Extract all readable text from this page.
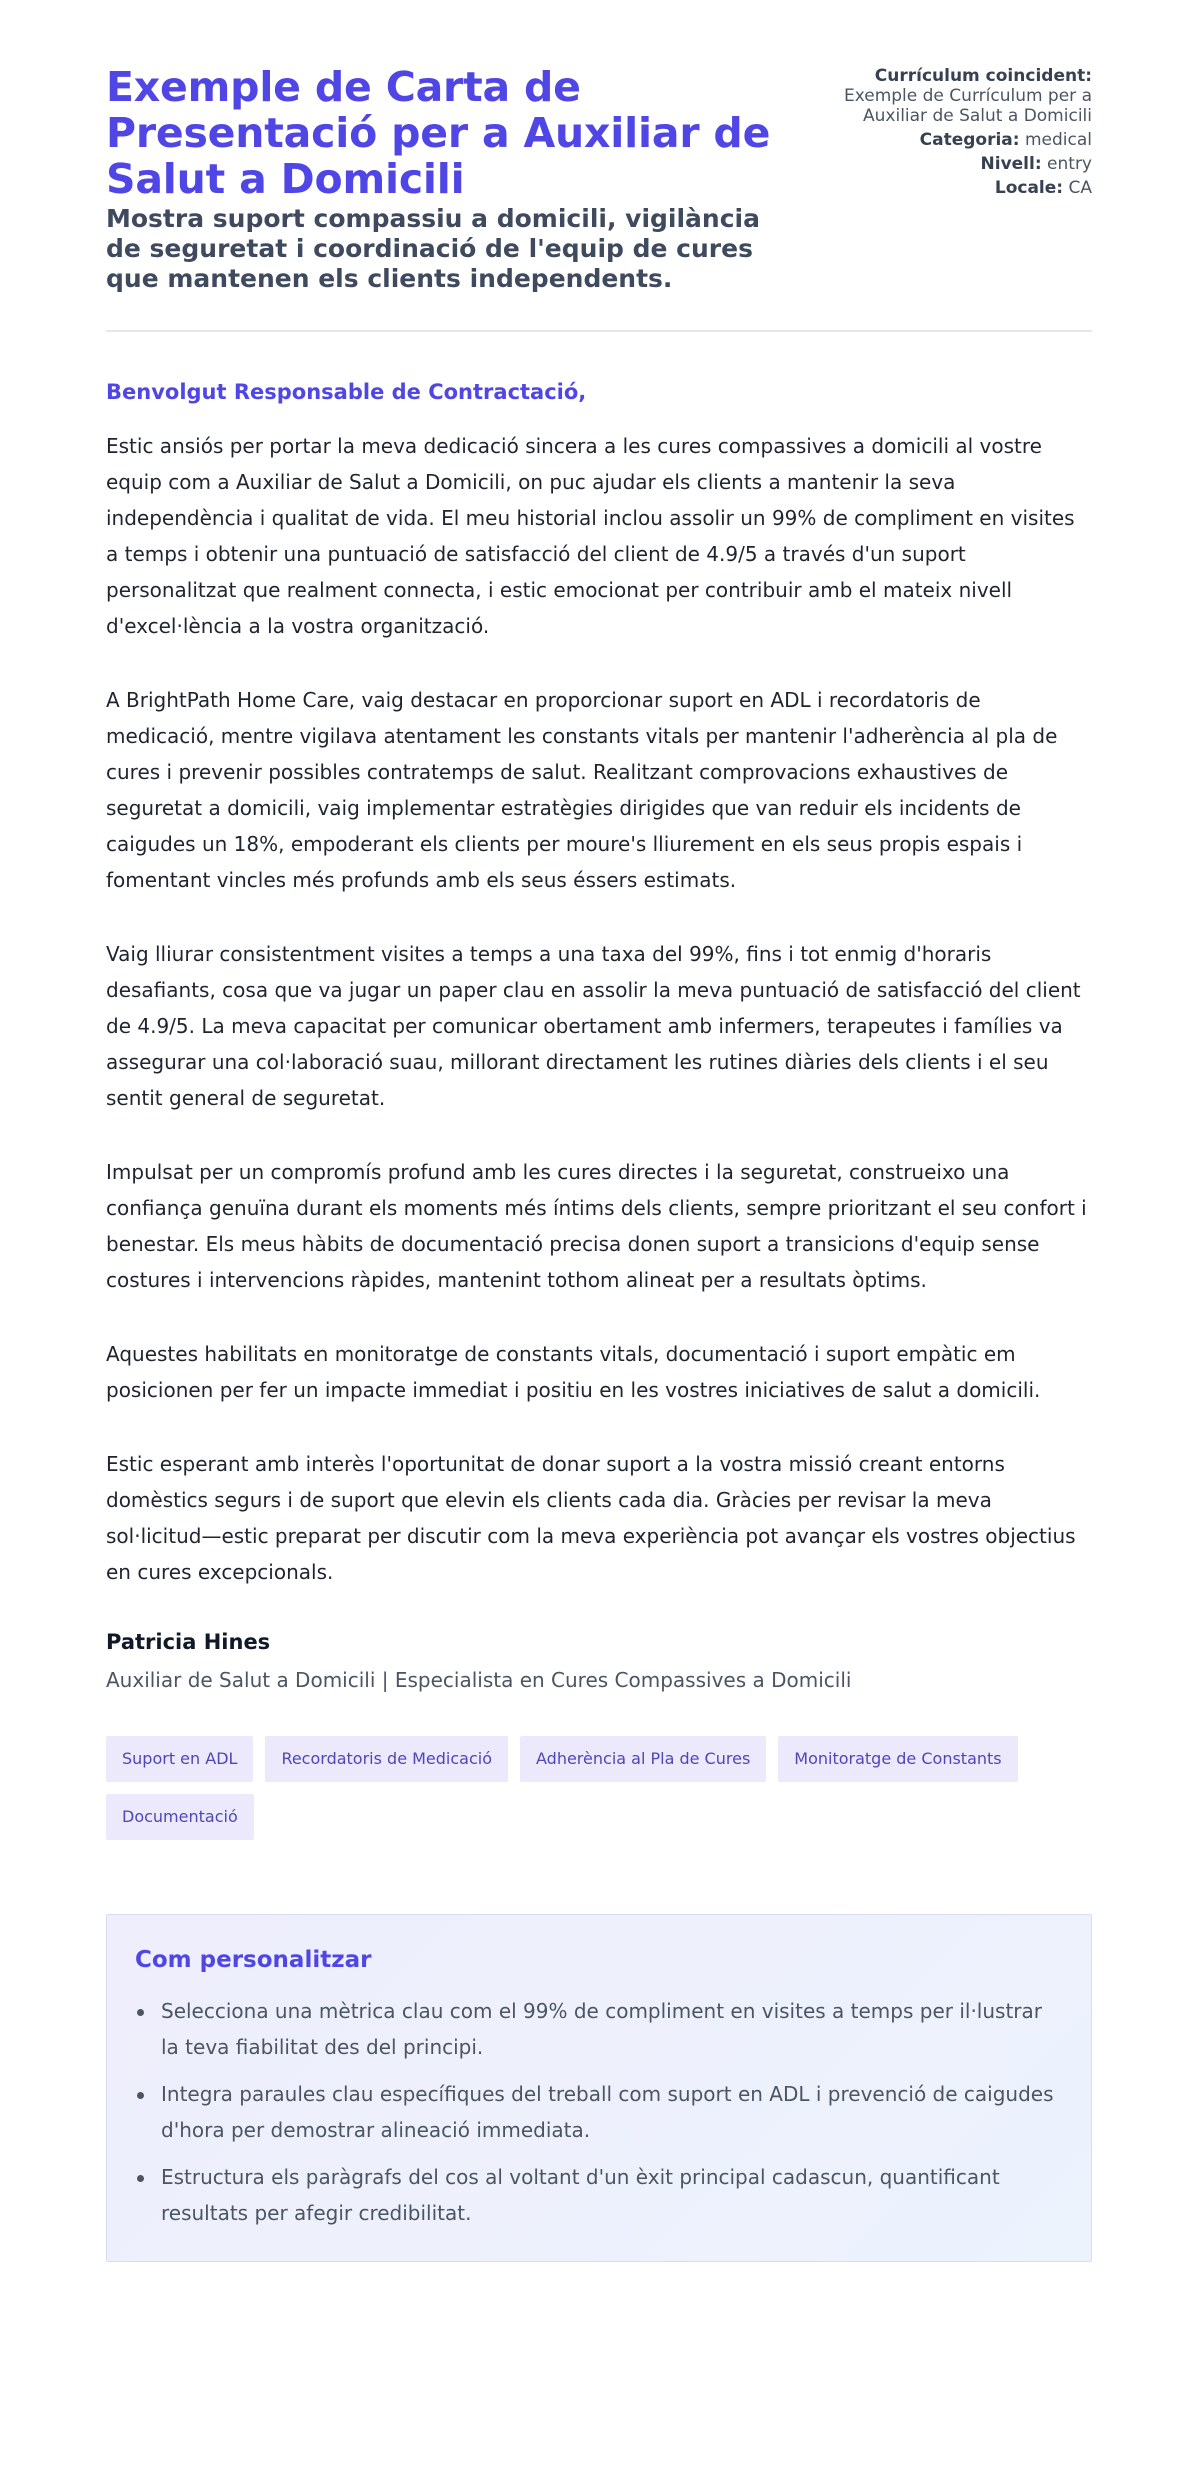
Exemple de Carta de Presentació per a Auxiliar de Salut a Domicili
Mostra suport compassiu a domicili, vigilància de seguretat i coordinació de l'equip de cures que mantenen els clients independents.
Currículum coincident:
Exemple de Currículum per a Auxiliar de Salut a Domicili
Categoria: medical
Nivell: entry
Locale: CA
Benvolgut Responsable de Contractació,

Estic ansiós per portar la meva dedicació sincera a les cures compassives a domicili al vostre equip com a Auxiliar de Salut a Domicili, on puc ajudar els clients a mantenir la seva independència i qualitat de vida. El meu historial inclou assolir un 99% de compliment en visites a temps i obtenir una puntuació de satisfacció del client de 4.9/5 a través d'un suport personalitzat que realment connecta, i estic emocionat per contribuir amb el mateix nivell d'excel·lència a la vostra organització.

A BrightPath Home Care, vaig destacar en proporcionar suport en ADL i recordatoris de medicació, mentre vigilava atentament les constants vitals per mantenir l'adherència al pla de cures i prevenir possibles contratemps de salut. Realitzant comprovacions exhaustives de seguretat a domicili, vaig implementar estratègies dirigides que van reduir els incidents de caigudes un 18%, empoderant els clients per moure's lliurement en els seus propis espais i fomentant vincles més profunds amb els seus éssers estimats.

Vaig lliurar consistentment visites a temps a una taxa del 99%, fins i tot enmig d'horaris desafiants, cosa que va jugar un paper clau en assolir la meva puntuació de satisfacció del client de 4.9/5. La meva capacitat per comunicar obertament amb infermers, terapeutes i famílies va assegurar una col·laboració suau, millorant directament les rutines diàries dels clients i el seu sentit general de seguretat.

Impulsat per un compromís profund amb les cures directes i la seguretat, construeixo una confiança genuïna durant els moments més íntims dels clients, sempre prioritzant el seu confort i benestar. Els meus hàbits de documentació precisa donen suport a transicions d'equip sense costures i intervencions ràpides, mantenint tothom alineat per a resultats òptims.

Aquestes habilitats en monitoratge de constants vitals, documentació i suport empàtic em posicionen per fer un impacte immediat i positiu en les vostres iniciatives de salut a domicili.

Estic esperant amb interès l'oportunitat de donar suport a la vostra missió creant entorns domèstics segurs i de suport que elevin els clients cada dia. Gràcies per revisar la meva sol·licitud—estic preparat per discutir com la meva experiència pot avançar els vostres objectius en cures excepcionals.

Patricia Hines
Auxiliar de Salut a Domicili | Especialista en Cures Compassives a Domicili
Suport en ADL	Recordatoris de Medicació	Adherència al Pla de Cures	Monitoratge de Constants
Documentació
Com personalitzar
Selecciona una mètrica clau com el 99% de compliment en visites a temps per il·lustrar la teva fiabilitat des del principi.
Integra paraules clau específiques del treball com suport en ADL i prevenció de caigudes d'hora per demostrar alineació immediata.
Estructura els paràgrafs del cos al voltant d'un èxit principal cadascun, quantificant resultats per afegir credibilitat.
